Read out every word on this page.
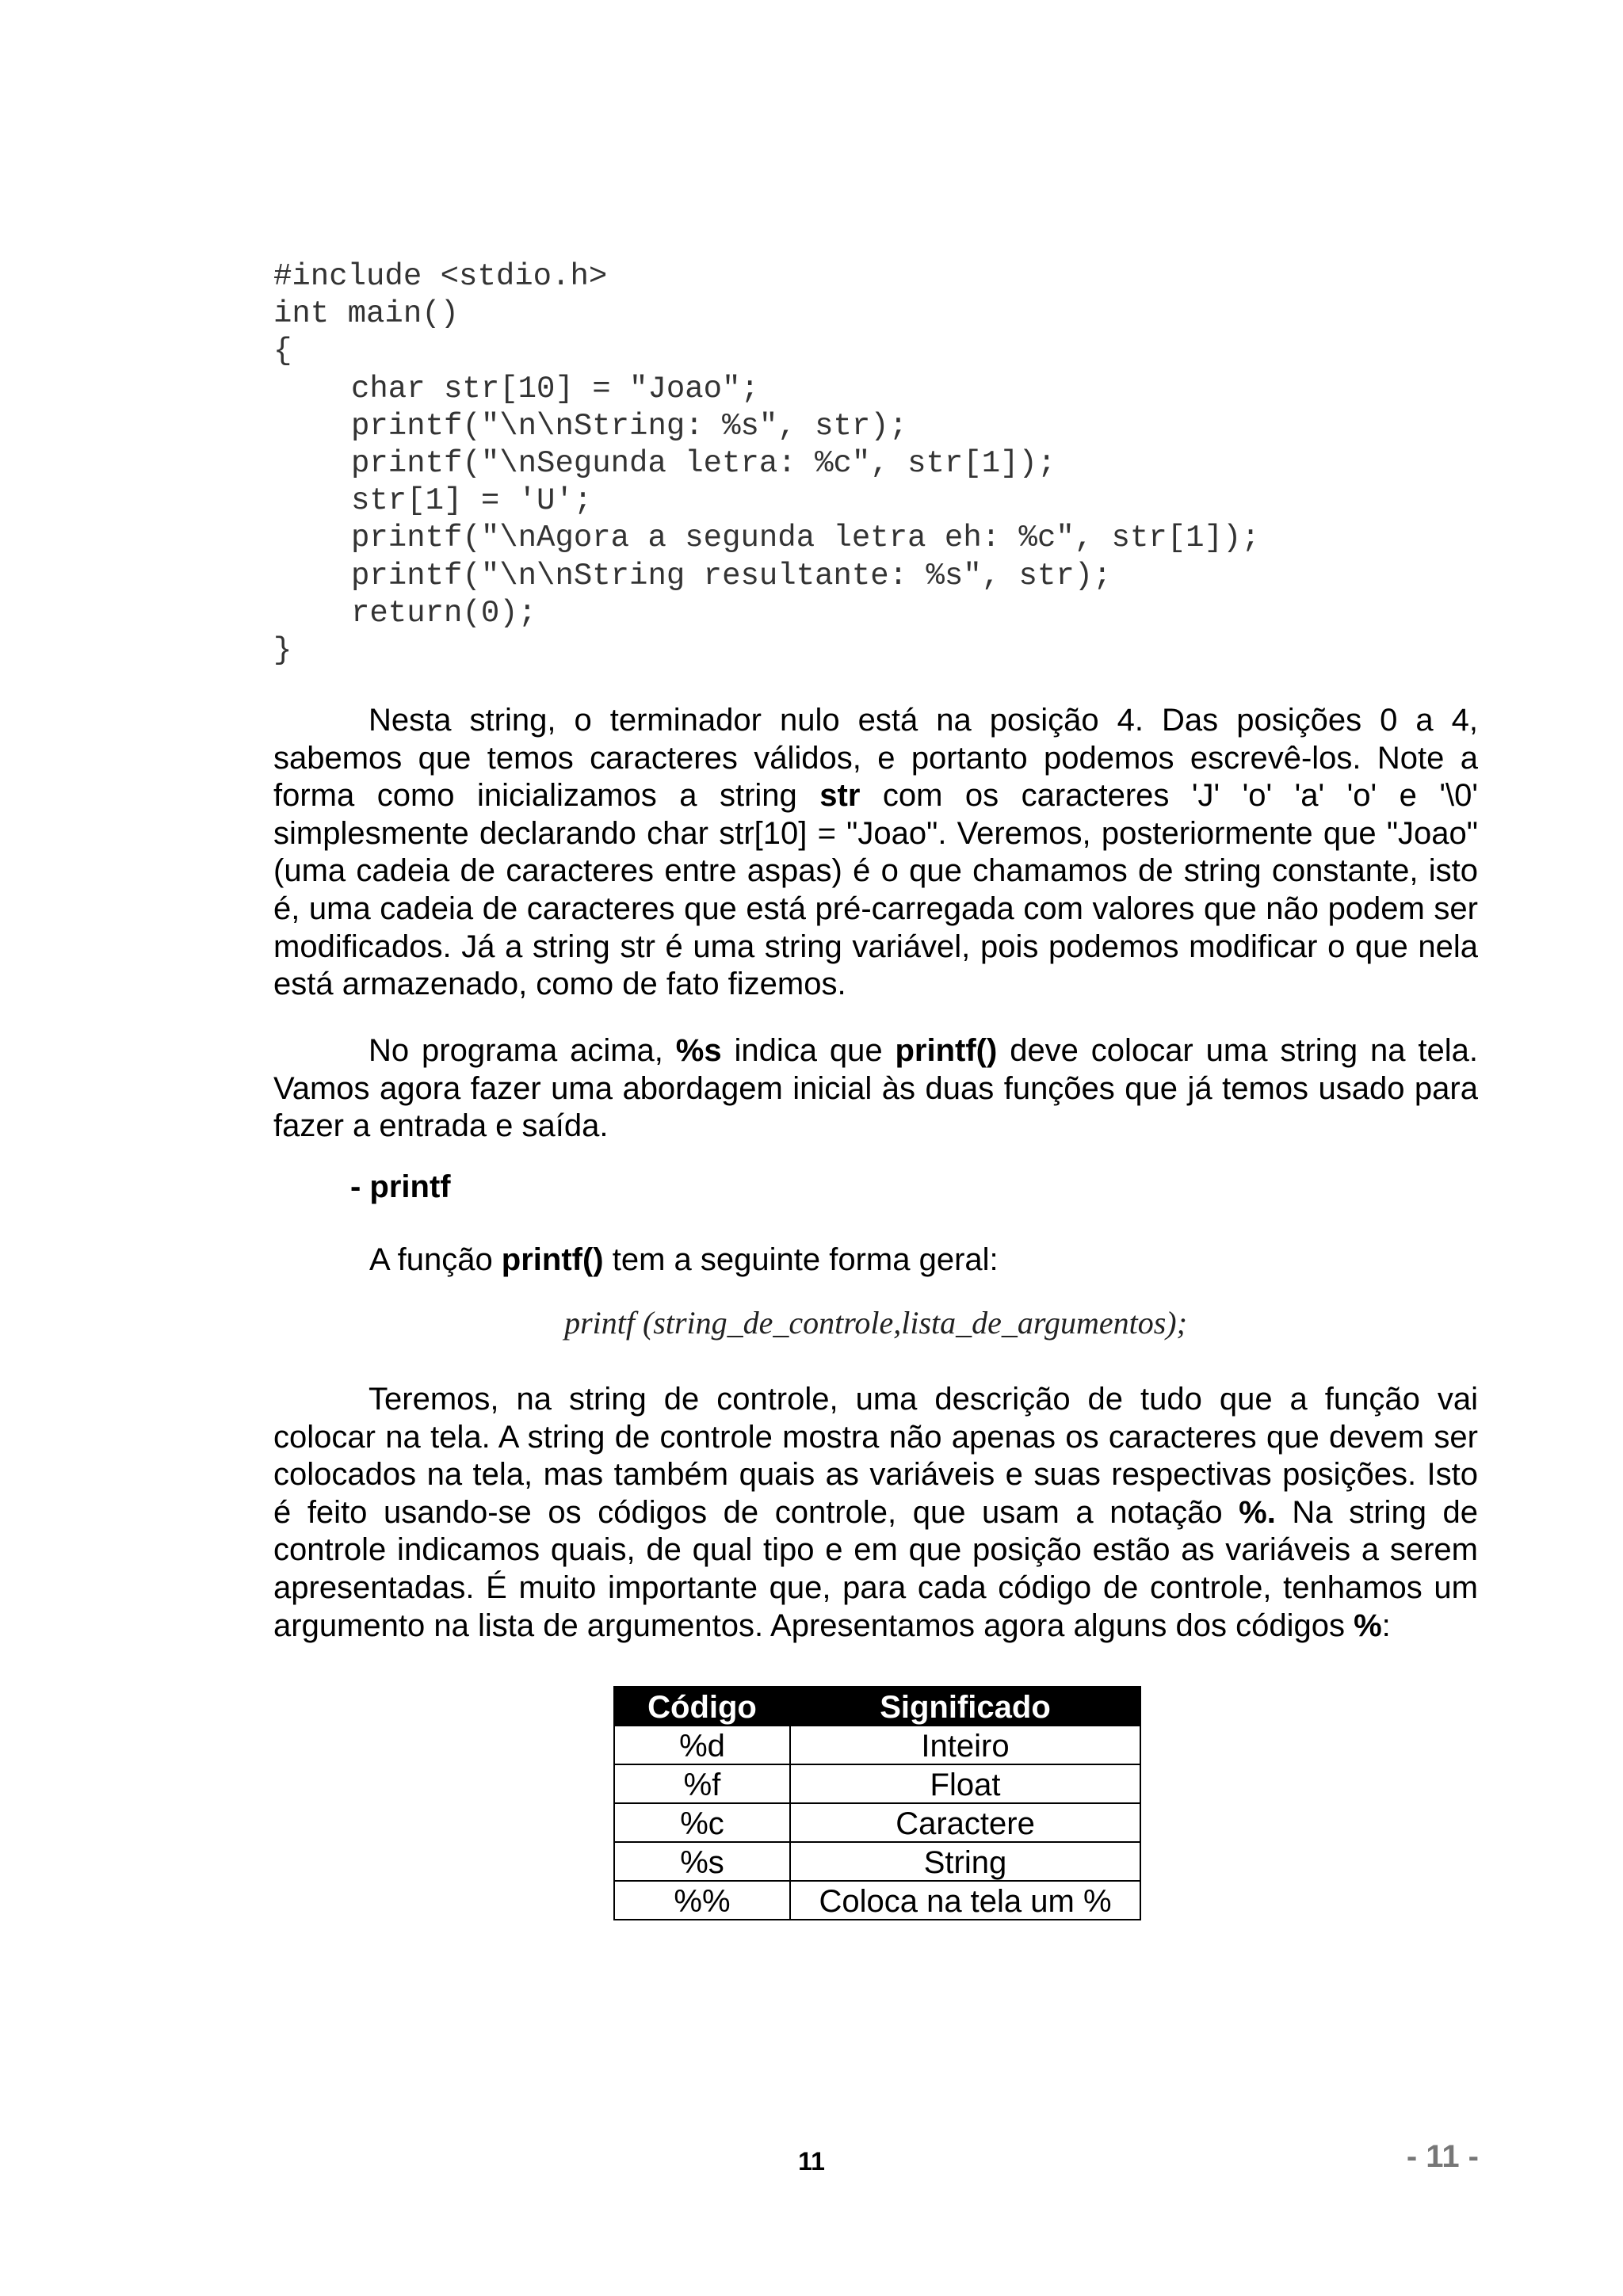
#include <stdio.h>
int main()
{
char str[10] = "Joao";
printf("\n\nString: %s", str);
printf("\nSegunda letra: %c", str[1]);
str[1] = 'U';
printf("\nAgora a segunda letra eh: %c", str[1]);
printf("\n\nString resultante: %s", str);
return(0);
}
Nesta string, o terminador nulo está na posição 4. Das posições 0 a 4, sabemos que temos caracteres válidos, e portanto podemos escrevê-los. Note a forma como inicializamos a string str com os caracteres 'J' 'o' 'a' 'o' e '\0' simplesmente declarando char str[10] = "Joao". Veremos, posteriormente que "Joao" (uma cadeia de caracteres entre aspas) é o que chamamos de string constante, isto é, uma cadeia de caracteres que está pré-carregada com valores que não podem ser modificados. Já a string str é uma string variável, pois podemos modificar o que nela está armazenado, como de fato fizemos.
No programa acima, %s indica que printf() deve colocar uma string na tela. Vamos agora fazer uma abordagem inicial às duas funções que já temos usado para fazer a entrada e saída.
- printf
A função printf() tem a seguinte forma geral:
printf (string_de_controle,lista_de_argumentos);
Teremos, na string de controle, uma descrição de tudo que a função vai colocar na tela. A string de controle mostra não apenas os caracteres que devem ser colocados na tela, mas também quais as variáveis e suas respectivas posições. Isto é feito usando-se os códigos de controle, que usam a notação %. Na string de controle indicamos quais, de qual tipo e em que posição estão as variáveis a serem apresentadas. É muito importante que, para cada código de controle, tenhamos um argumento na lista de argumentos. Apresentamos agora alguns dos códigos %:
Código	Significado
%d	Inteiro
%f	Float
%c	Caractere
%s	String
%%	Coloca na tela um %
11	- 11 -
